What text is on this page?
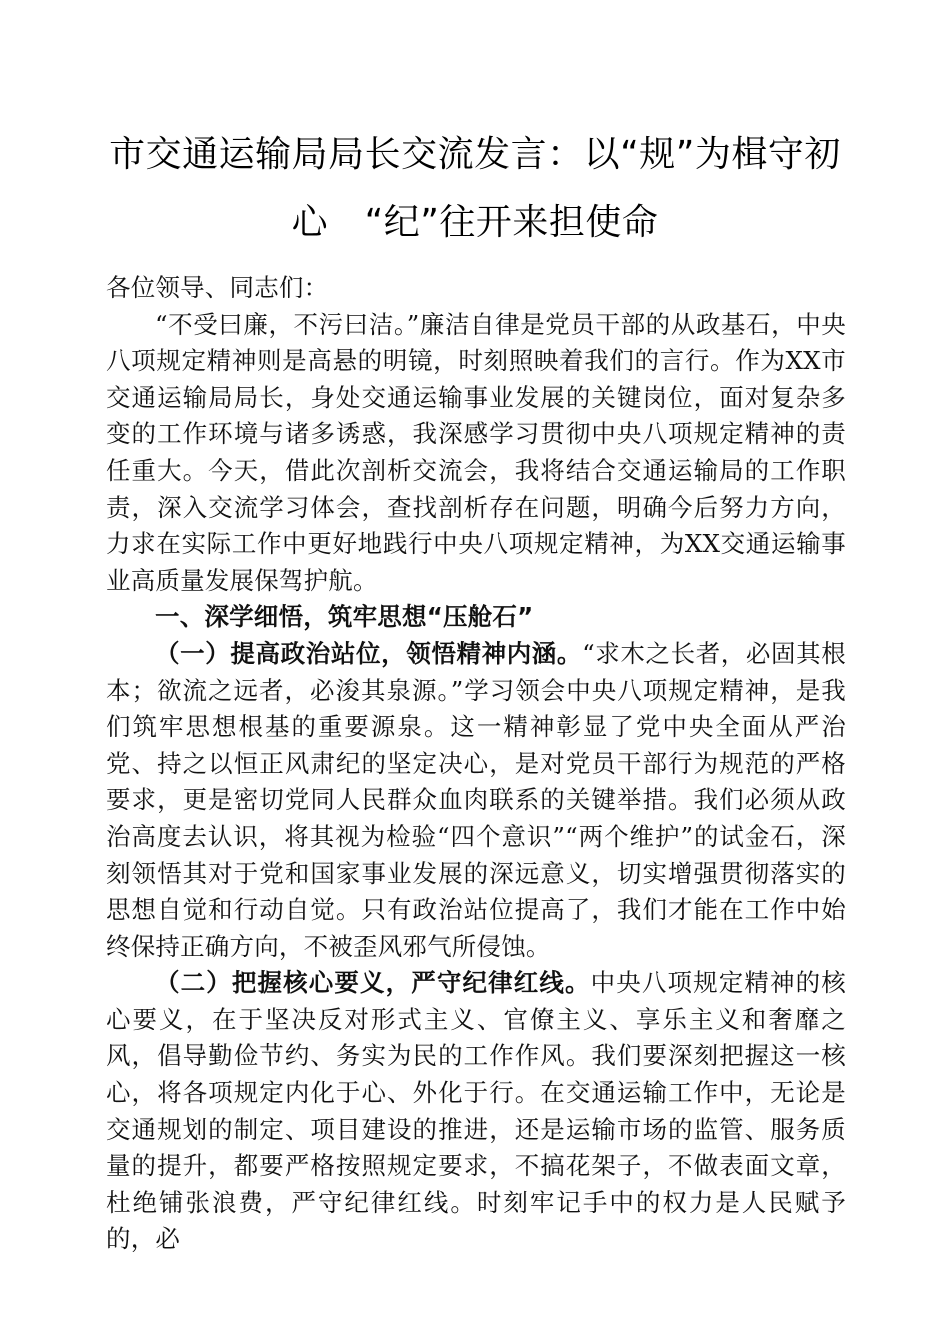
市交通运输局局长交流发言：以“规”为楫守初
心　“纪”往开来担使命

各位领导、同志们：

“不受曰廉，不污曰洁。”廉洁自律是党员干部的从政基石，中央八项规定精神则是高悬的明镜，时刻照映着我们的言行。作为XX市交通运输局局长，身处交通运输事业发展的关键岗位，面对复杂多变的工作环境与诸多诱惑，我深感学习贯彻中央八项规定精神的责任重大。今天，借此次剖析交流会，我将结合交通运输局的工作职责，深入交流学习体会，查找剖析存在问题，明确今后努力方向，力求在实际工作中更好地践行中央八项规定精神，为XX交通运输事业高质量发展保驾护航。

一、深学细悟，筑牢思想“压舱石”

（一）提高政治站位，领悟精神内涵。“求木之长者，必固其根本；欲流之远者，必浚其泉源。”学习领会中央八项规定精神，是我们筑牢思想根基的重要源泉。这一精神彰显了党中央全面从严治党、持之以恒正风肃纪的坚定决心，是对党员干部行为规范的严格要求，更是密切党同人民群众血肉联系的关键举措。我们必须从政治高度去认识，将其视为检验“四个意识”“两个维护”的试金石，深刻领悟其对于党和国家事业发展的深远意义，切实增强贯彻落实的思想自觉和行动自觉。只有政治站位提高了，我们才能在工作中始终保持正确方向，不被歪风邪气所侵蚀。

（二）把握核心要义，严守纪律红线。中央八项规定精神的核心要义，在于坚决反对形式主义、官僚主义、享乐主义和奢靡之风，倡导勤俭节约、务实为民的工作作风。我们要深刻把握这一核心，将各项规定内化于心、外化于行。在交通运输工作中，无论是交通规划的制定、项目建设的推进，还是运输市场的监管、服务质量的提升，都要严格按照规定要求，不搞花架子，不做表面文章，杜绝铺张浪费，严守纪律红线。时刻牢记手中的权力是人民赋予的，必
